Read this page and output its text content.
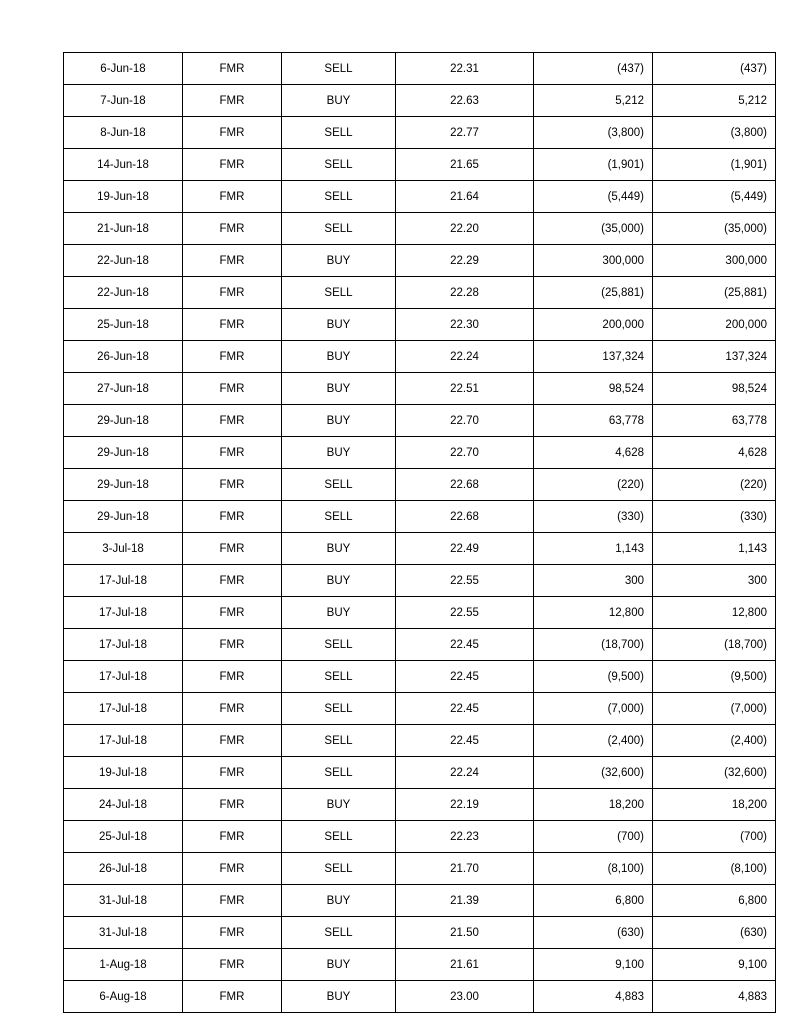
6-Jun-18	FMR	SELL	22.31	(437)	(437)
7-Jun-18	FMR	BUY	22.63	5,212	5,212
8-Jun-18	FMR	SELL	22.77	(3,800)	(3,800)
14-Jun-18	FMR	SELL	21.65	(1,901)	(1,901)
19-Jun-18	FMR	SELL	21.64	(5,449)	(5,449)
21-Jun-18	FMR	SELL	22.20	(35,000)	(35,000)
22-Jun-18	FMR	BUY	22.29	300,000	300,000
22-Jun-18	FMR	SELL	22.28	(25,881)	(25,881)
25-Jun-18	FMR	BUY	22.30	200,000	200,000
26-Jun-18	FMR	BUY	22.24	137,324	137,324
27-Jun-18	FMR	BUY	22.51	98,524	98,524
29-Jun-18	FMR	BUY	22.70	63,778	63,778
29-Jun-18	FMR	BUY	22.70	4,628	4,628
29-Jun-18	FMR	SELL	22.68	(220)	(220)
29-Jun-18	FMR	SELL	22.68	(330)	(330)
3-Jul-18	FMR	BUY	22.49	1,143	1,143
17-Jul-18	FMR	BUY	22.55	300	300
17-Jul-18	FMR	BUY	22.55	12,800	12,800
17-Jul-18	FMR	SELL	22.45	(18,700)	(18,700)
17-Jul-18	FMR	SELL	22.45	(9,500)	(9,500)
17-Jul-18	FMR	SELL	22.45	(7,000)	(7,000)
17-Jul-18	FMR	SELL	22.45	(2,400)	(2,400)
19-Jul-18	FMR	SELL	22.24	(32,600)	(32,600)
24-Jul-18	FMR	BUY	22.19	18,200	18,200
25-Jul-18	FMR	SELL	22.23	(700)	(700)
26-Jul-18	FMR	SELL	21.70	(8,100)	(8,100)
31-Jul-18	FMR	BUY	21.39	6,800	6,800
31-Jul-18	FMR	SELL	21.50	(630)	(630)
1-Aug-18	FMR	BUY	21.61	9,100	9,100
6-Aug-18	FMR	BUY	23.00	4,883	4,883
